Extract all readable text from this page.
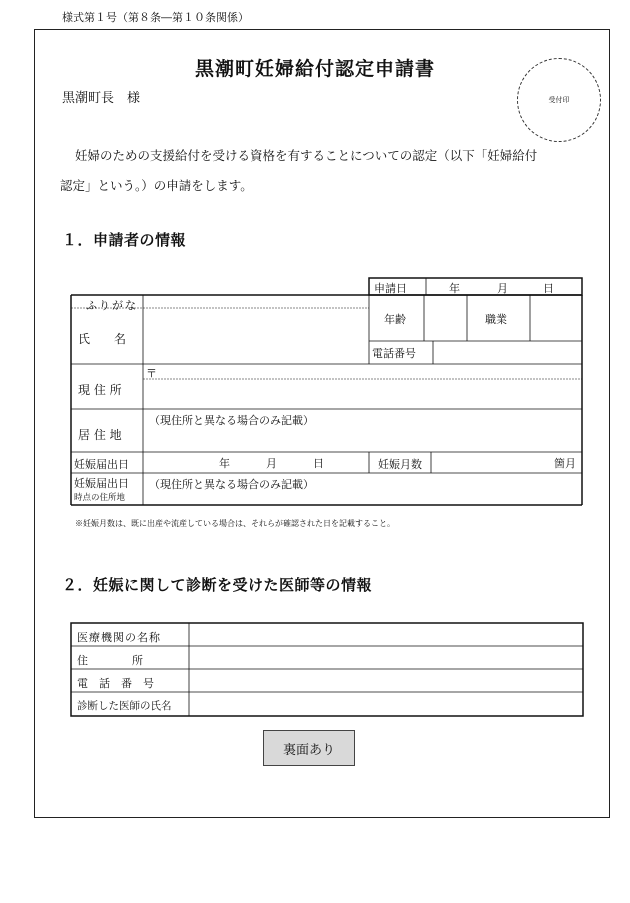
様式第１号（第８条―第１０条関係）
黒潮町妊婦給付認定申請書
黒潮町長　様	受付印
妊婦のための支援給付を受ける資格を有することについての認定（以下「妊婦給付
認定」という。）の申請をします。
１．申請者の情報
申請日	年	月	日
ふりがな
氏　　名
年齢	職業
電話番号
〒
現 住 所
（現住所と異なる場合のみ記載）
居 住 地
妊娠届出日	年	月	日	妊娠月数	箇月
妊娠届出日
時点の住所地
（現住所と異なる場合のみ記載）
※妊娠月数は、既に出産や流産している場合は、それらが確認された日を記載すること。
２．妊娠に関して診断を受けた医師等の情報
医療機関の名称
住　　　　所
電　話　番　号
診断した医師の氏名
裏面あり
